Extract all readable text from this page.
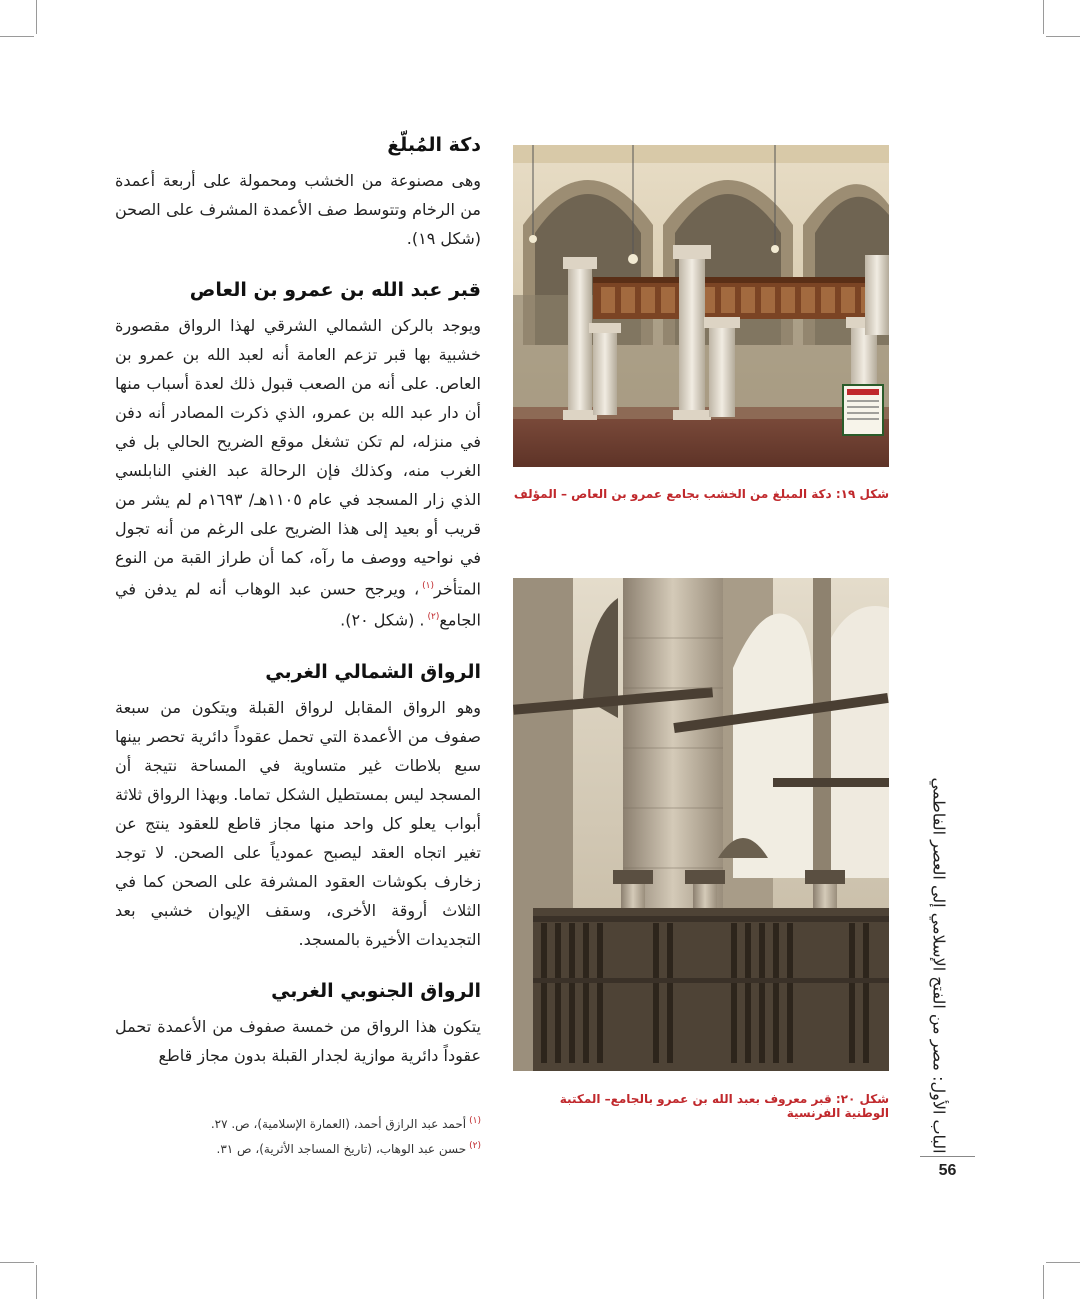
دكة المُبلّغ

وهى مصنوعة من الخشب ومحمولة على أربعة أعمدة من الرخام وتتوسط صف الأعمدة المشرف على الصحن (شكل ١٩).

قبر عبد الله بن عمرو بن العاص

ويوجد بالركن الشمالي الشرقي لهذا الرواق مقصورة خشبية بها قبر تزعم العامة أنه لعبد الله بن عمرو بن العاص. على أنه من الصعب قبول ذلك لعدة أسباب منها أن دار عبد الله بن عمرو، الذي ذكرت المصادر أنه دفن في منزله، لم تكن تشغل موقع الضريح الحالي بل في الغرب منه، وكذلك فإن الرحالة عبد الغني النابلسي الذي زار المسجد في عام ١١٠٥هـ/ ١٦٩٣م لم يشر من قريب أو بعيد إلى هذا الضريح على الرغم من أنه تجول في نواحيه ووصف ما رآه، كما أن طراز القبة من النوع المتأخر$^{(١)}$، ويرجح حسن عبد الوهاب أنه لم يدفن في الجامع$^{(٢)}$. (شكل ٢٠).

الرواق الشمالي الغربي

وهو الرواق المقابل لرواق القبلة ويتكون من سبعة صفوف من الأعمدة التي تحمل عقوداً دائرية تحصر بينها سبع بلاطات غير متساوية في المساحة نتيجة أن المسجد ليس بمستطيل الشكل تماما. وبهذا الرواق ثلاثة أبواب يعلو كل واحد منها مجاز قاطع للعقود ينتج عن تغير اتجاه العقد ليصبح عمودياً على الصحن. لا توجد زخارف بكوشات العقود المشرفة على الصحن كما في الثلاث أروقة الأخرى، وسقف الإيوان خشبي بعد التجديدات الأخيرة بالمسجد.

الرواق الجنوبي الغربي

يتكون هذا الرواق من خمسة صفوف من الأعمدة تحمل عقوداً دائرية موازية لجدار القبلة بدون مجاز قاطع

$^{(١)}$أحمد عبد الرازق أحمد، (العمارة الإسلامية)، ص. ٢٧.

$^{(٢)}$حسن عبد الوهاب، (تاريخ المساجد الأثرية)، ص ٣١.

شكل ١٩: دكة المبلغ من الخشب بجامع عمرو بن العاص – المؤلف
شكل ٢٠: قبر معروف بعبد الله بن عمرو بالجامع– المكتبة الوطنية الفرنسية	الباب الأول: مصر من الفتح الإسلامي إلى العصر الفاطمي
56
